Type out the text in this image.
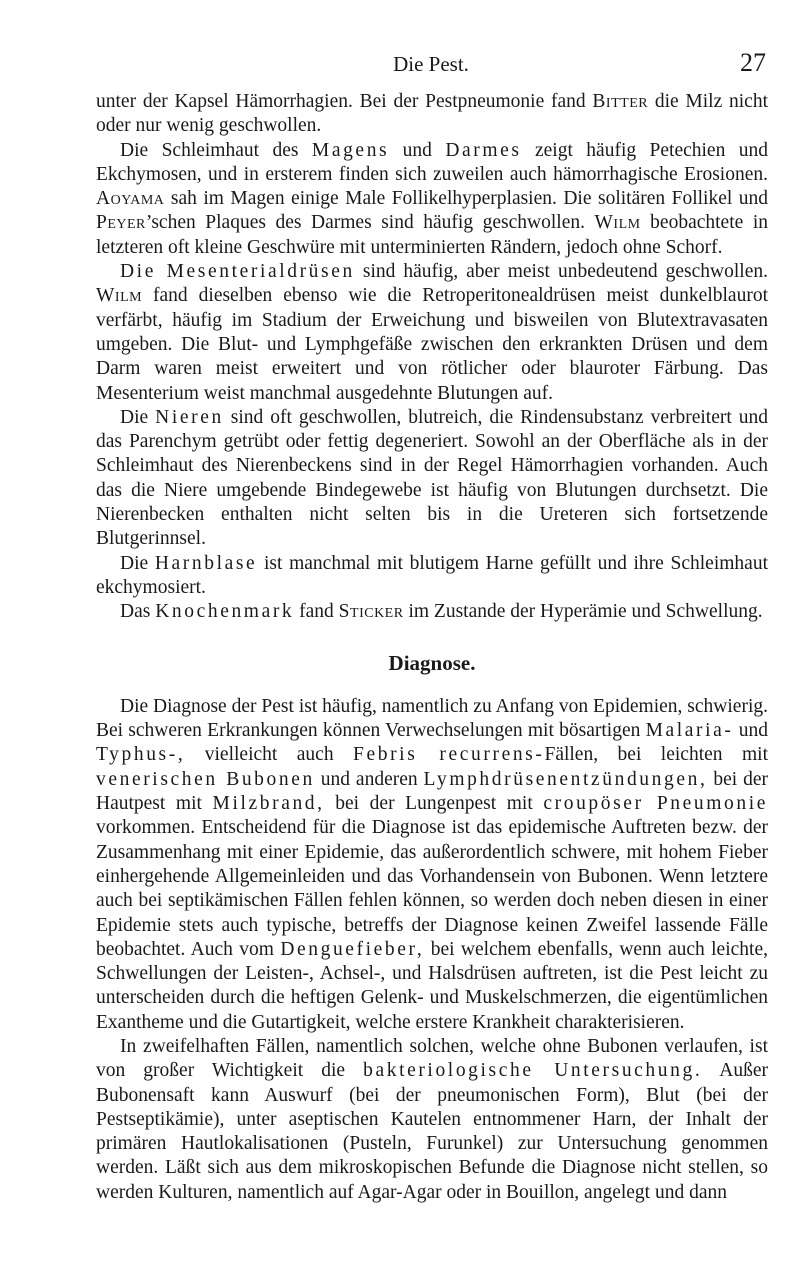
Die Pest.	27

unter der Kapsel Hämorrhagien. Bei der Pestpneumonie fand Bitter die Milz nicht oder nur wenig geschwollen.

Die Schleimhaut des Magens und Darmes zeigt häufig Petechien und Ekchymosen, und in ersterem finden sich zuweilen auch hämorrhagische Erosionen. Aoyama sah im Magen einige Male Follikelhyperplasien. Die solitären Follikel und Peyer’schen Plaques des Darmes sind häufig geschwollen. Wilm beobachtete in letzteren oft kleine Geschwüre mit unterminierten Rändern, jedoch ohne Schorf.

Die Mesenterialdrüsen sind häufig, aber meist unbedeutend geschwollen. Wilm fand dieselben ebenso wie die Retroperitonealdrüsen meist dunkelblaurot verfärbt, häufig im Stadium der Erweichung und bisweilen von Blutextravasaten umgeben. Die Blut- und Lymphgefäße zwischen den erkrankten Drüsen und dem Darm waren meist erweitert und von rötlicher oder blauroter Färbung. Das Mesenterium weist manchmal ausgedehnte Blutungen auf.

Die Nieren sind oft geschwollen, blutreich, die Rindensubstanz verbreitert und das Parenchym getrübt oder fettig degeneriert. Sowohl an der Oberfläche als in der Schleimhaut des Nierenbeckens sind in der Regel Hämorrhagien vorhanden. Auch das die Niere umgebende Bindegewebe ist häufig von Blutungen durchsetzt. Die Nierenbecken enthalten nicht selten bis in die Ureteren sich fortsetzende Blutgerinnsel.

Die Harnblase ist manchmal mit blutigem Harne gefüllt und ihre Schleimhaut ekchymosiert.

Das Knochenmark fand Sticker im Zustande der Hyperämie und Schwellung.

Diagnose.

Die Diagnose der Pest ist häufig, namentlich zu Anfang von Epidemien, schwierig. Bei schweren Erkrankungen können Verwechselungen mit bösartigen Malaria- und Typhus-, vielleicht auch Febris recurrens-Fällen, bei leichten mit venerischen Bubonen und anderen Lymphdrüsenentzündungen, bei der Hautpest mit Milzbrand, bei der Lungenpest mit croupöser Pneumonie vorkommen. Entscheidend für die Diagnose ist das epidemische Auftreten bezw. der Zusammenhang mit einer Epidemie, das außerordentlich schwere, mit hohem Fieber einhergehende Allgemeinleiden und das Vorhandensein von Bubonen. Wenn letztere auch bei septikämischen Fällen fehlen können, so werden doch neben diesen in einer Epidemie stets auch typische, betreffs der Diagnose keinen Zweifel lassende Fälle beobachtet. Auch vom Denguefieber, bei welchem ebenfalls, wenn auch leichte, Schwellungen der Leisten-, Achsel-, und Halsdrüsen auftreten, ist die Pest leicht zu unterscheiden durch die heftigen Gelenk- und Muskelschmerzen, die eigentümlichen Exantheme und die Gutartigkeit, welche erstere Krankheit charakterisieren.

In zweifelhaften Fällen, namentlich solchen, welche ohne Bubonen verlaufen, ist von großer Wichtigkeit die bakteriologische Untersuchung. Außer Bubonensaft kann Auswurf (bei der pneumonischen Form), Blut (bei der Pestseptikämie), unter aseptischen Kautelen entnommener Harn, der Inhalt der primären Hautlokalisationen (Pusteln, Furunkel) zur Untersuchung genommen werden. Läßt sich aus dem mikroskopischen Befunde die Diagnose nicht stellen, so werden Kulturen, namentlich auf Agar-Agar oder in Bouillon, angelegt und dann
